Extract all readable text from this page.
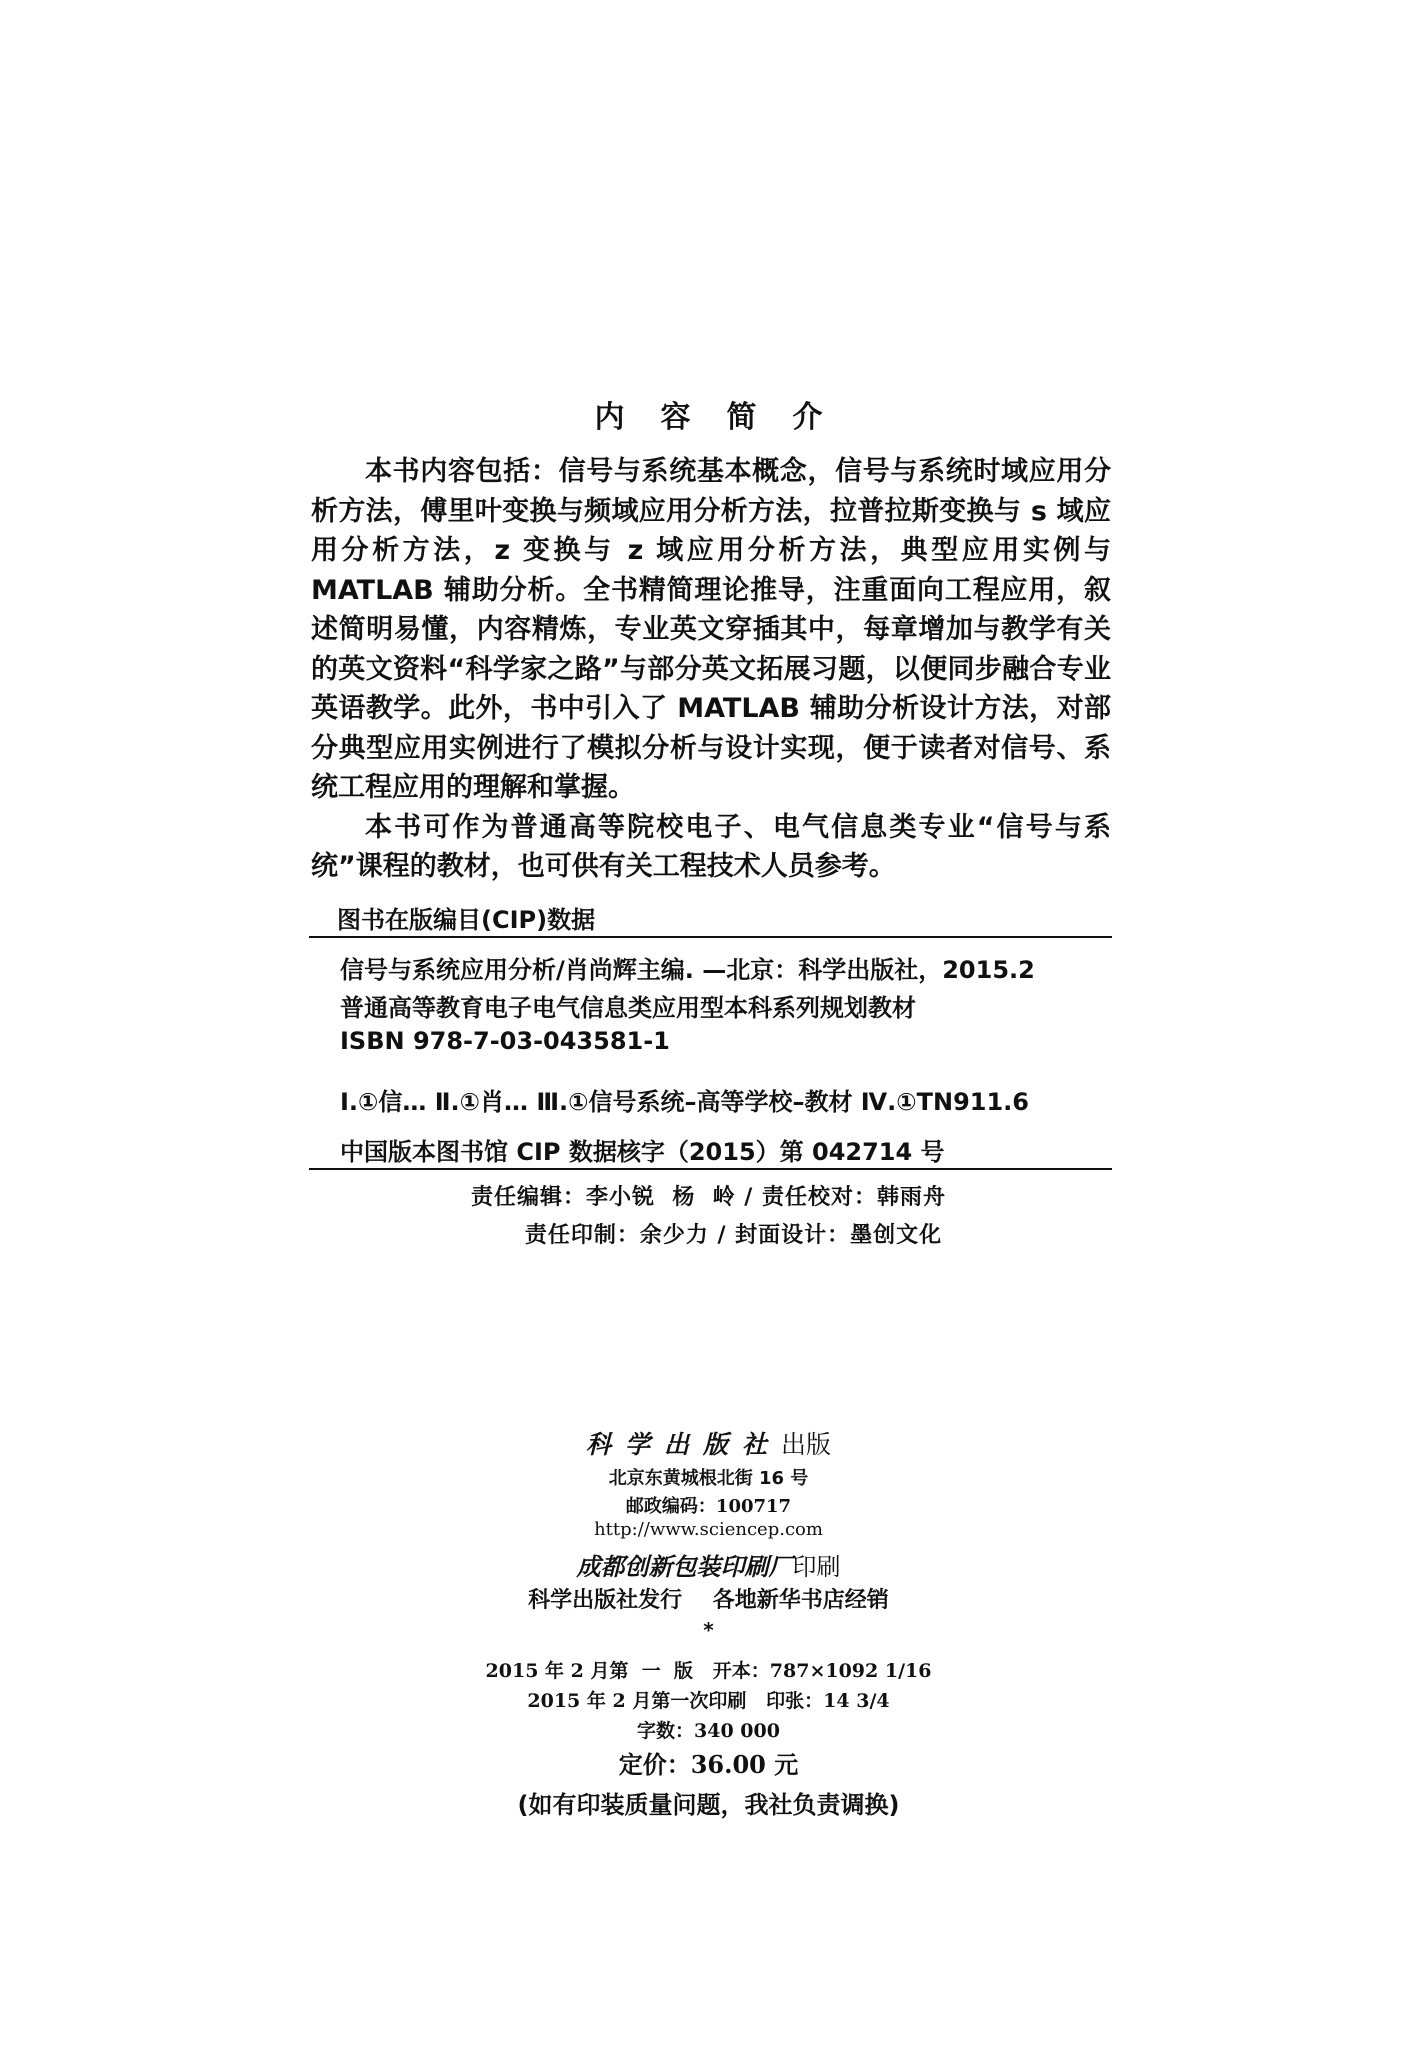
内容简介

本书内容包括：信号与系统基本概念，信号与系统时域应用分析方法，傅里叶变换与频域应用分析方法，拉普拉斯变换与 s 域应用分析方法，z 变换与 z 域应用分析方法，典型应用实例与 MATLAB 辅助分析。全书精简理论推导，注重面向工程应用，叙述简明易懂，内容精炼，专业英文穿插其中，每章增加与教学有关的英文资料“科学家之路”与部分英文拓展习题，以便同步融合专业英语教学。此外，书中引入了 MATLAB 辅助分析设计方法，对部分典型应用实例进行了模拟分析与设计实现，便于读者对信号、系统工程应用的理解和掌握。

本书可作为普通高等院校电子、电气信息类专业“信号与系统”课程的教材，也可供有关工程技术人员参考。

图书在版编目(CIP)数据
信号与系统应用分析/肖尚辉主编. —北京：科学出版社，2015.2
普通高等教育电子电气信息类应用型本科系列规划教材
ISBN 978-7-03-043581-1
Ⅰ.①信… Ⅱ.①肖… Ⅲ.①信号系统–高等学校–教材 Ⅳ.①TN911.6
中国版本图书馆 CIP 数据核字（2015）第 042714 号
责任编辑：李小锐  杨  岭 / 责任校对：韩雨舟
责任印制：余少力 / 封面设计：墨创文化
科学出版社出版
北京东黄城根北街 16 号
邮政编码：100717
http://www.sciencep.com
成都创新包装印刷厂印刷
科学出版社发行    各地新华书店经销
*
2015 年 2 月第  一  版   开本：787×1092 1/16
2015 年 2 月第一次印刷   印张：14 3/4
字数：340 000
定价：36.00 元
(如有印装质量问题，我社负责调换)
